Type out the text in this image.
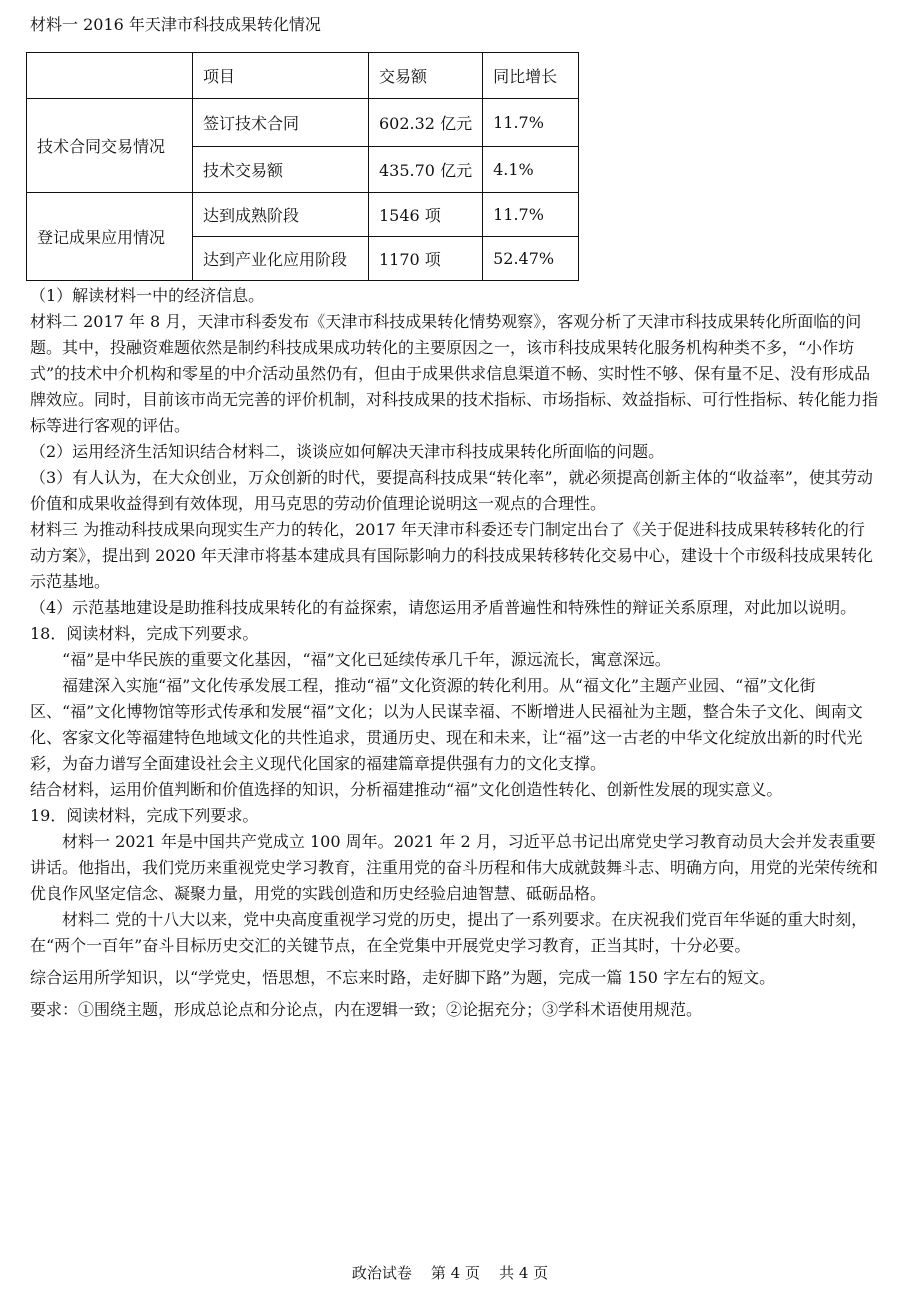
材料一 2016 年天津市科技成果转化情况
	项目	交易额	同比增长
技术合同交易情况	签订技术合同	602.32 亿元	11.7%
	技术交易额	435.70 亿元	4.1%
登记成果应用情况	达到成熟阶段	1546 项	11.7%
	达到产业化应用阶段	1170 项	52.47%

（1）解读材料一中的经济信息。

材料二 2017 年 8 月，天津市科委发布《天津市科技成果转化情势观察》，客观分析了天津市科技成果转化所面临的问题。其中，投融资难题依然是制约科技成果成功转化的主要原因之一，该市科技成果转化服务机构种类不多，“小作坊式”的技术中介机构和零星的中介活动虽然仍有，但由于成果供求信息渠道不畅、实时性不够、保有量不足、没有形成品牌效应。同时，目前该市尚无完善的评价机制，对科技成果的技术指标、市场指标、效益指标、可行性指标、转化能力指标等进行客观的评估。

（2）运用经济生活知识结合材料二，谈谈应如何解决天津市科技成果转化所面临的问题。

（3）有人认为，在大众创业，万众创新的时代，要提高科技成果“转化率”，就必须提高创新主体的“收益率”，使其劳动价值和成果收益得到有效体现，用马克思的劳动价值理论说明这一观点的合理性。

材料三 为推动科技成果向现实生产力的转化，2017 年天津市科委还专门制定出台了《关于促进科技成果转移转化的行动方案》，提出到 2020 年天津市将基本建成具有国际影响力的科技成果转移转化交易中心，建设十个市级科技成果转化示范基地。

（4）示范基地建设是助推科技成果转化的有益探索，请您运用矛盾普遍性和特殊性的辩证关系原理，对此加以说明。

18．阅读材料，完成下列要求。

“福”是中华民族的重要文化基因，“福”文化已延续传承几千年，源远流长，寓意深远。

福建深入实施“福”文化传承发展工程，推动“福”文化资源的转化利用。从“福文化”主题产业园、“福”文化街区、“福”文化博物馆等形式传承和发展“福”文化；以为人民谋幸福、不断增进人民福祉为主题，整合朱子文化、闽南文化、客家文化等福建特色地域文化的共性追求，贯通历史、现在和未来，让“福”这一古老的中华文化绽放出新的时代光彩，为奋力谱写全面建设社会主义现代化国家的福建篇章提供强有力的文化支撑。

结合材料，运用价值判断和价值选择的知识，分析福建推动“福”文化创造性转化、创新性发展的现实意义。

19．阅读材料，完成下列要求。

材料一 2021 年是中国共产党成立 100 周年。2021 年 2 月，习近平总书记出席党史学习教育动员大会并发表重要讲话。他指出，我们党历来重视党史学习教育，注重用党的奋斗历程和伟大成就鼓舞斗志、明确方向，用党的光荣传统和优良作风坚定信念、凝聚力量，用党的实践创造和历史经验启迪智慧、砥砺品格。

材料二 党的十八大以来，党中央高度重视学习党的历史，提出了一系列要求。在庆祝我们党百年华诞的重大时刻，在“两个一百年”奋斗目标历史交汇的关键节点，在全党集中开展党史学习教育，正当其时，十分必要。

综合运用所学知识，以“学党史，悟思想，不忘来时路，走好脚下路”为题，完成一篇 150 字左右的短文。

要求：①围绕主题，形成总论点和分论点，内在逻辑一致；②论据充分；③学科术语使用规范。

政治试卷    第 4 页    共 4 页
